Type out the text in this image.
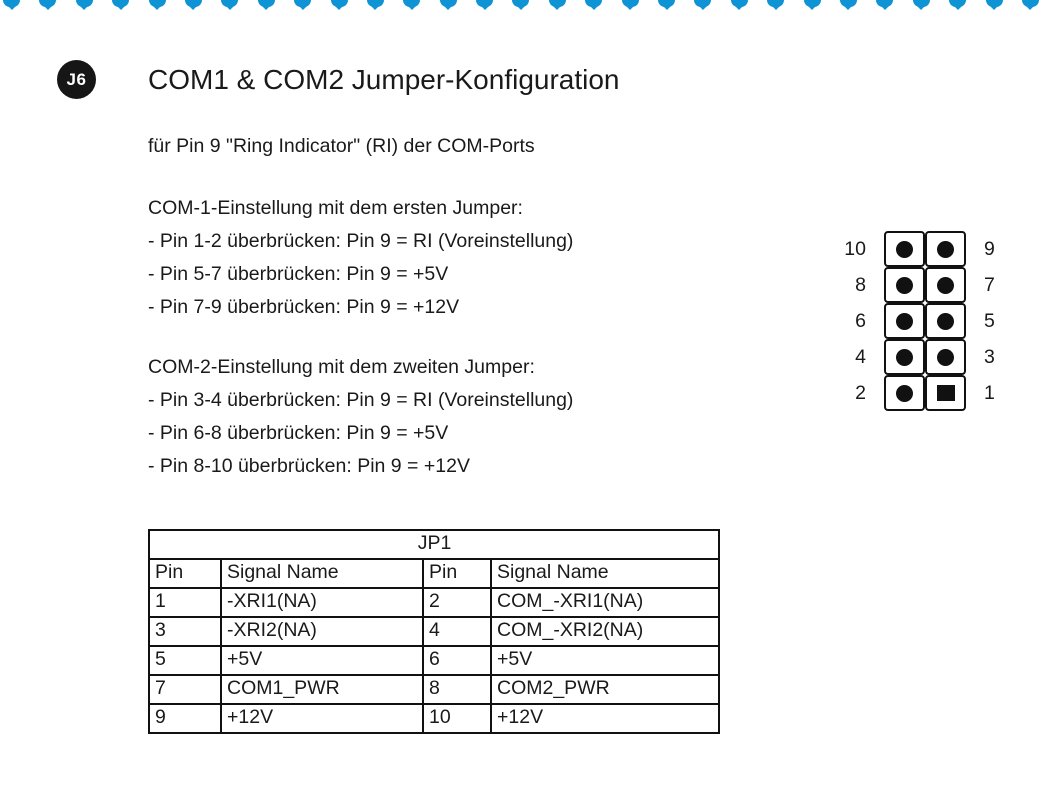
J6	COM1 & COM2 Jumper-Konfiguration
für Pin 9 "Ring Indicator" (RI) der COM-Ports
COM-1-Einstellung mit dem ersten Jumper:
- Pin 1-2 überbrücken: Pin 9 = RI (Voreinstellung)
- Pin 5-7 überbrücken: Pin 9 = +5V
- Pin 7-9 überbrücken: Pin 9 = +12V
COM-2-Einstellung mit dem zweiten Jumper:
- Pin 3-4 überbrücken: Pin 9 = RI (Voreinstellung)
- Pin 6-8 überbrücken: Pin 9 = +5V
- Pin 8-10 überbrücken: Pin 9 = +12V
10
8
6
4
2
9
7
5
3
1
JP1			
Pin	Signal Name	Pin	Signal Name
1	-XRI1(NA)	2	COM_-XRI1(NA)
3	-XRI2(NA)	4	COM_-XRI2(NA)
5	+5V	6	+5V
7	COM1_PWR	8	COM2_PWR
9	+12V	10	+12V
